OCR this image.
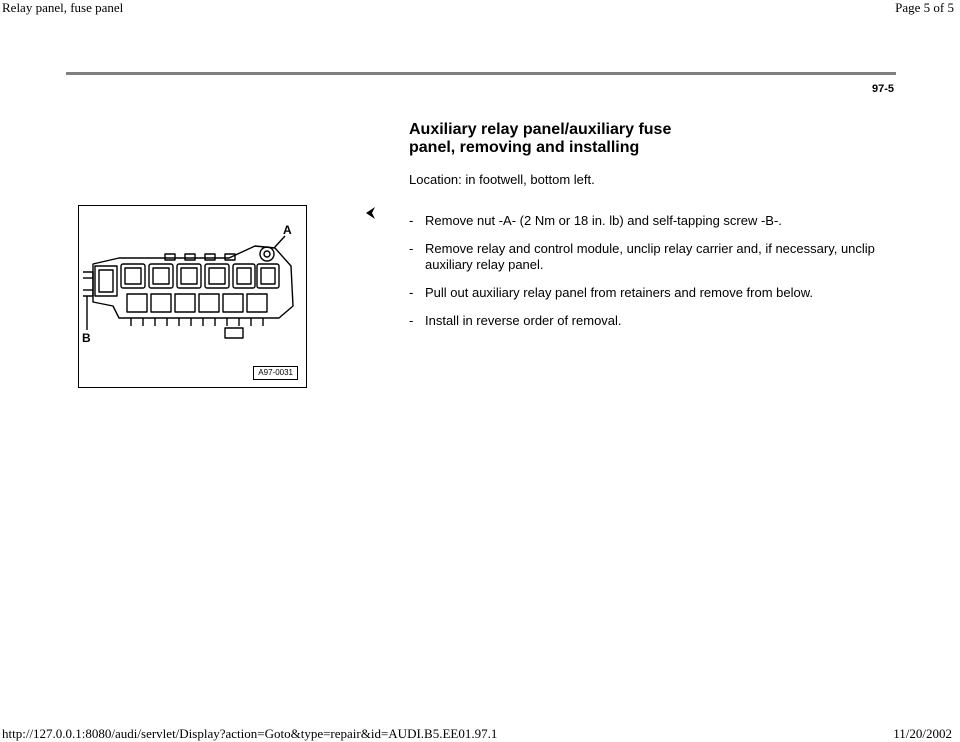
Relay panel, fuse panel	Page 5 of 5
97-5
Auxiliary relay panel/auxiliary fuse
panel, removing and installing
Location: in footwell, bottom left.
A
B
A97-0031
- Remove nut -A- (2 Nm or 18 in. lb) and self-tapping screw -B-.
- Remove relay and control module, unclip relay carrier and, if necessary, unclip auxiliary relay panel.
- Pull out auxiliary relay panel from retainers and remove from below.
- Install in reverse order of removal.
http://127.0.0.1:8080/audi/servlet/Display?action=Goto&type=repair&id=AUDI.B5.EE01.97.1	11/20/2002
